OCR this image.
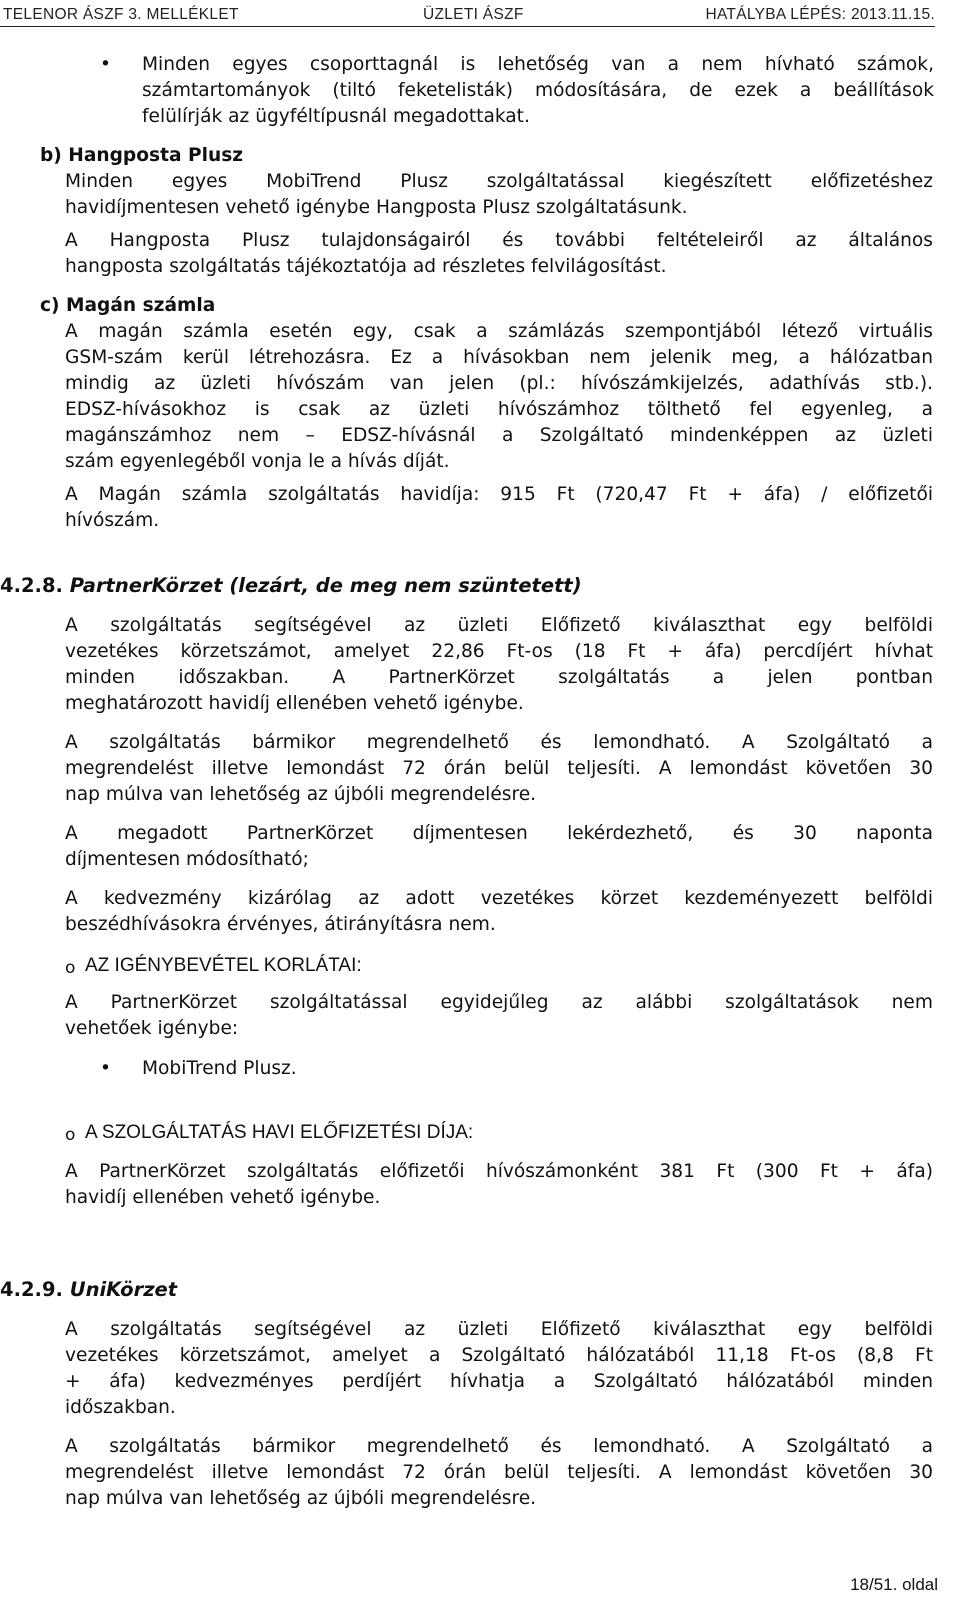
TELENOR ÁSZF 3. MELLÉKLET	ÜZLETI ÁSZF	HATÁLYBA LÉPÉS: 2013.11.15.
• Minden egyes csoporttagnál is lehetőség van a nem hívható számok,
számtartományok (tiltó feketelisták) módosítására, de ezek a beállítások
felülírják az ügyféltípusnál megadottakat.
b) Hangposta Plusz
Minden egyes MobiTrend Plusz szolgáltatással kiegészített előfizetéshez
havidíjmentesen vehető igénybe Hangposta Plusz szolgáltatásunk.
A Hangposta Plusz tulajdonságairól és további feltételeiről az általános
hangposta szolgáltatás tájékoztatója ad részletes felvilágosítást.
c) Magán számla
A magán számla esetén egy, csak a számlázás szempontjából létező virtuális
GSM-szám kerül létrehozásra. Ez a hívásokban nem jelenik meg, a hálózatban
mindig az üzleti hívószám van jelen (pl.: hívószámkijelzés, adathívás stb.).
EDSZ-hívásokhoz is csak az üzleti hívószámhoz tölthető fel egyenleg, a
magánszámhoz nem – EDSZ-hívásnál a Szolgáltató mindenképpen az üzleti
szám egyenlegéből vonja le a hívás díját.
A Magán számla szolgáltatás havidíja: 915 Ft (720,47 Ft + áfa) / előfizetői
hívószám.
4.2.8. PartnerKörzet (lezárt, de meg nem szüntetett)
A szolgáltatás segítségével az üzleti Előfizető kiválaszthat egy belföldi
vezetékes körzetszámot, amelyet 22,86 Ft-os (18 Ft + áfa) percdíjért hívhat
minden időszakban. A PartnerKörzet szolgáltatás a jelen pontban
meghatározott havidíj ellenében vehető igénybe.
A szolgáltatás bármikor megrendelhető és lemondható. A Szolgáltató a
megrendelést illetve lemondást 72 órán belül teljesíti. A lemondást követően 30
nap múlva van lehetőség az újbóli megrendelésre.
A megadott PartnerKörzet díjmentesen lekérdezhető, és 30 naponta
díjmentesen módosítható;
A kedvezmény kizárólag az adott vezetékes körzet kezdeményezett belföldi
beszédhívásokra érvényes, átirányításra nem.
o AZ IGÉNYBEVÉTEL KORLÁTAI:
A PartnerKörzet szolgáltatással egyidejűleg az alábbi szolgáltatások nem
vehetőek igénybe:
• MobiTrend Plusz.
o A SZOLGÁLTATÁS HAVI ELŐFIZETÉSI DÍJA:
A PartnerKörzet szolgáltatás előfizetői hívószámonként 381 Ft (300 Ft + áfa)
havidíj ellenében vehető igénybe.
4.2.9. UniKörzet
A szolgáltatás segítségével az üzleti Előfizető kiválaszthat egy belföldi
vezetékes körzetszámot, amelyet a Szolgáltató hálózatából 11,18 Ft-os (8,8 Ft
+ áfa) kedvezményes perdíjért hívhatja a Szolgáltató hálózatából minden
időszakban.
A szolgáltatás bármikor megrendelhető és lemondható. A Szolgáltató a
megrendelést illetve lemondást 72 órán belül teljesíti. A lemondást követően 30
nap múlva van lehetőség az újbóli megrendelésre.
18/51. oldal
